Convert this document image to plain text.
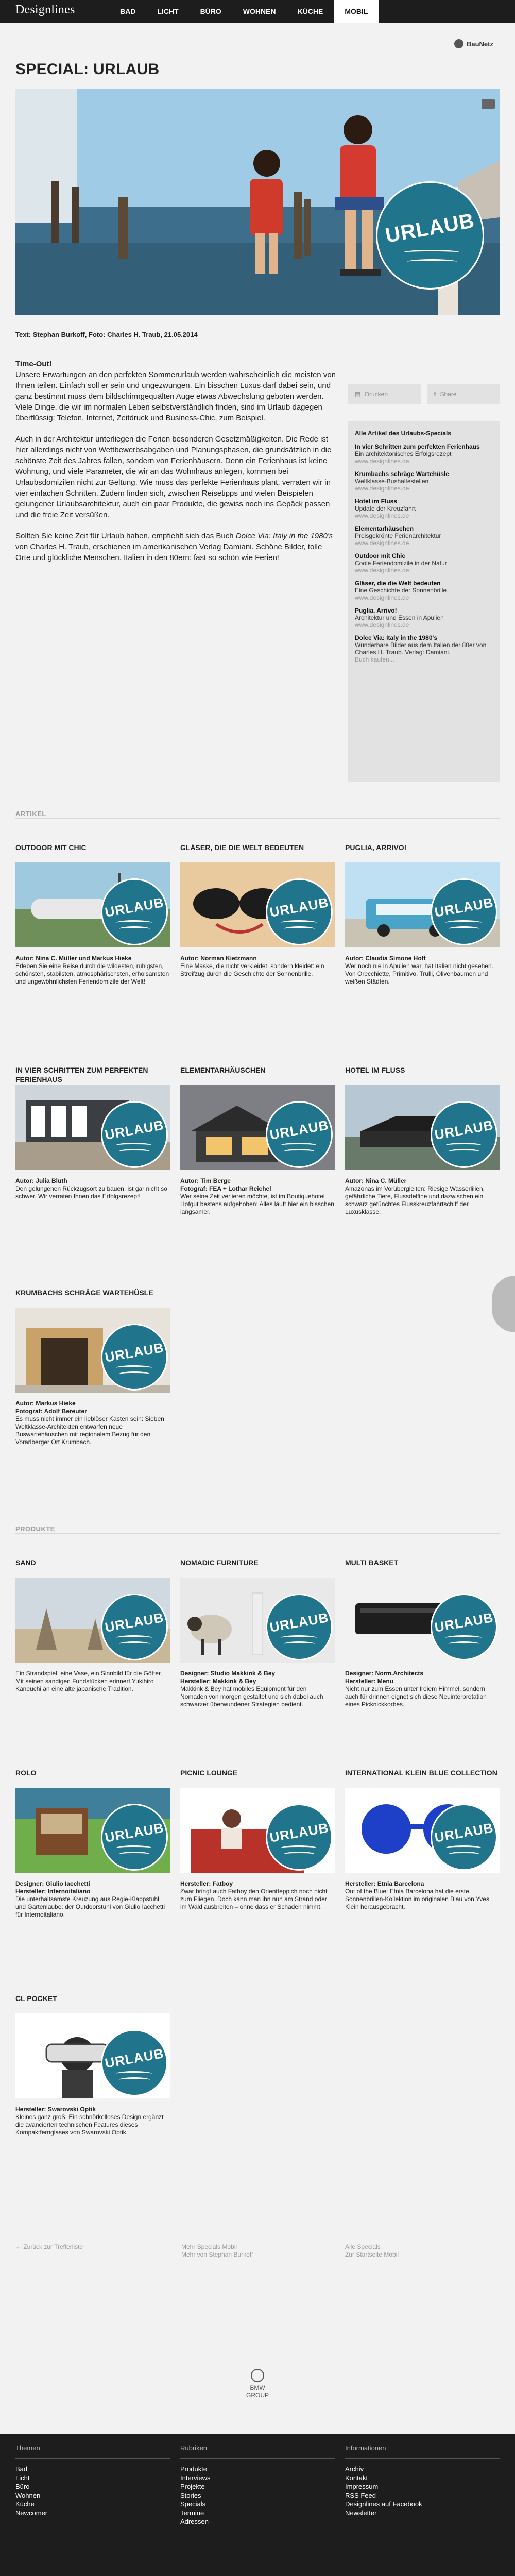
Designlines	BAD	LICHT	BÜRO	WOHNEN	KÜCHE	MOBIL
BauNetz
SPECIAL: URLAUB
URLAUB
Text: Stephan Burkoff, Foto: Charles H. Traub, 21.05.2014

Time-Out!
Unsere Erwartungen an den perfekten Sommerurlaub werden wahrscheinlich die meisten von Ihnen teilen. Einfach soll er sein und ungezwungen. Ein bisschen Luxus darf dabei sein, und ganz bestimmt muss dem bildschirmgequälten Auge etwas Abwechslung geboten werden. Viele Dinge, die wir im normalen Leben selbstverständlich finden, sind im Urlaub dagegen überflüssig: Telefon, Internet, Zeitdruck und Business-Chic, zum Beispiel.

Auch in der Architektur unterliegen die Ferien besonderen Gesetzmäßigkeiten. Die Rede ist hier allerdings nicht von Wettbewerbsabgaben und Planungsphasen, die grundsätzlich in die schönste Zeit des Jahres fallen, sondern von Ferienhäusern. Denn ein Ferienhaus ist keine Wohnung, und viele Parameter, die wir an das Wohnhaus anlegen, kommen bei Urlaubsdomizilen nicht zur Geltung. Wie muss das perfekte Ferienhaus plant, verraten wir in vier einfachen Schritten. Zudem finden sich, zwischen Reisetipps und vielen Beispielen gelungener Urlaubsarchitektur, auch ein paar Produkte, die gewiss noch ins Gepäck passen und die freie Zeit versüßen.

Sollten Sie keine Zeit für Urlaub haben, empfiehlt sich das Buch Dolce Via: Italy in the 1980's von Charles H. Traub, erschienen im amerikanischen Verlag Damiani. Schöne Bilder, tolle Orte und glückliche Menschen. Italien in den 80ern: fast so schön wie Ferien!

▤ Drucken	f Share
Alle Artikel des Urlaubs-Specials
In vier Schritten zum perfekten Ferienhaus
Ein architektonisches Erfolgsrezept
www.designlines.de
Krumbachs schräge Wartehüsle
Weltklasse-Bushaltestellen
www.designlines.de
Hotel im Fluss
Update der Kreuzfahrt
www.designlines.de
Elementarhäuschen
Preisgekrönte Ferienarchitektur
www.designlines.de
Outdoor mit Chic
Coole Feriendomizile in der Natur
www.designlines.de
Gläser, die die Welt bedeuten
Eine Geschichte der Sonnenbrille
www.designlines.de
Puglia, Arrivo!
Architektur und Essen in Apulien
www.designlines.de
Dolce Via: Italy in the 1980's
Wunderbare Bilder aus dem Italien der 80er von Charles H. Traub. Verlag: Damiani.
Buch kaufen...
ARTIKEL
OUTDOOR MIT CHIC
URLAUB
Autor: Nina C. Müller und Markus Hieke
Erleben Sie eine Reise durch die wildesten, ruhigsten, schönsten, stabilsten, atmosphärischsten, erholsamsten und ungewöhnlichsten Feriendomizile der Welt!
GLÄSER, DIE DIE WELT BEDEUTEN
URLAUB
Autor: Norman Kietzmann
Eine Maske, die nicht verkleidet, sondern kleidet: ein Streifzug durch die Geschichte der Sonnenbrille.
PUGLIA, ARRIVO!
URLAUB
Autor: Claudia Simone Hoff
Wer noch nie in Apulien war, hat Italien nicht gesehen. Von Orecchiette, Primitivo, Trulli, Olivenbäumen und weißen Städten.
IN VIER SCHRITTEN ZUM PERFEKTEN FERIENHAUS
URLAUB
Autor: Julia Bluth
Den gelungenen Rückzugsort zu bauen, ist gar nicht so schwer. Wir verraten Ihnen das Erfolgsrezept!
ELEMENTARHÄUSCHEN
URLAUB
Autor: Tim Berge
Fotograf: FEA + Lothar Reichel
Wer seine Zeit verlieren möchte, ist im Boutiquehotel Hofgut bestens aufgehoben: Alles läuft hier ein bisschen langsamer.
HOTEL IM FLUSS
URLAUB
Autor: Nina C. Müller
Amazonas im Vorübergleiten: Riesige Wasserlilien, gefährliche Tiere, Flussdelfine und dazwischen ein schwarz getünchtes Flusskreuzfahrtschiff der Luxusklasse.
KRUMBACHS SCHRÄGE WARTEHÜSLE
URLAUB
Autor: Markus Hieke
Fotograf: Adolf Bereuter
Es muss nicht immer ein lieblöser Kasten sein: Sieben Weltklasse-Architekten entwarfen neue Buswartehäuschen mit regionalem Bezug für den Vorarlberger Ort Krumbach.
PRODUKTE
SAND
URLAUB
Ein Strandspiel, eine Vase, ein Sinnbild für die Götter. Mit seinen sandigen Fundstücken erinnert Yukihiro Kaneuchi an eine alte japanische Tradition.
NOMADIC FURNITURE
URLAUB
Designer: Studio Makkink & Bey
Hersteller: Makkink & Bey
Makkink & Bey hat mobiles Equipment für den Nomaden von morgen gestaltet und sich dabei auch schwarzer überwundener Strategien bedient.
MULTI BASKET
URLAUB
Designer: Norm.Architects
Hersteller: Menu
Nicht nur zum Essen unter freiem Himmel, sondern auch für drinnen eignet sich diese Neuinterpretation eines Picknickkorbes.
ROLO
URLAUB
Designer: Giulio Iacchetti
Hersteller: Internoitaliano
Die unterhaltsamste Kreuzung aus Regie-Klappstuhl und Gartenlaube: der Outdoorstuhl von Giulio Iacchetti für Internoitaliano.
PICNIC LOUNGE
URLAUB
Hersteller: Fatboy
Zwar bringt auch Fatboy den Orientteppich noch nicht zum Fliegen. Doch kann man ihn nun am Strand oder im Wald ausbreiten – ohne dass er Schaden nimmt.
INTERNATIONAL KLEIN BLUE COLLECTION
URLAUB
Hersteller: Etnia Barcelona
Out of the Blue: Etnia Barcelona hat die erste Sonnenbrillen-Kollektion im originalen Blau von Yves Klein herausgebracht.
CL POCKET
URLAUB
Hersteller: Swarovski Optik
Kleines ganz groß: Ein schnörkelloses Design ergänzt die avancierten technischen Features dieses Kompaktfernglases von Swarovski Optik.
← Zurück zur Trefferliste	Mehr Specials Mobil
Mehr von Stephan Burkoff
Alle Specials
Zur Startseite Mobil
BMW GROUP
Themen
Bad
Licht
Büro
Wohnen
Küche
Newcomer
Rubriken
Produkte
Interviews
Projekte
Stories
Specials
Termine
Adressen
Informationen
Archiv
Kontakt
Impressum
RSS Feed
Designlines auf Facebook
Newsletter
